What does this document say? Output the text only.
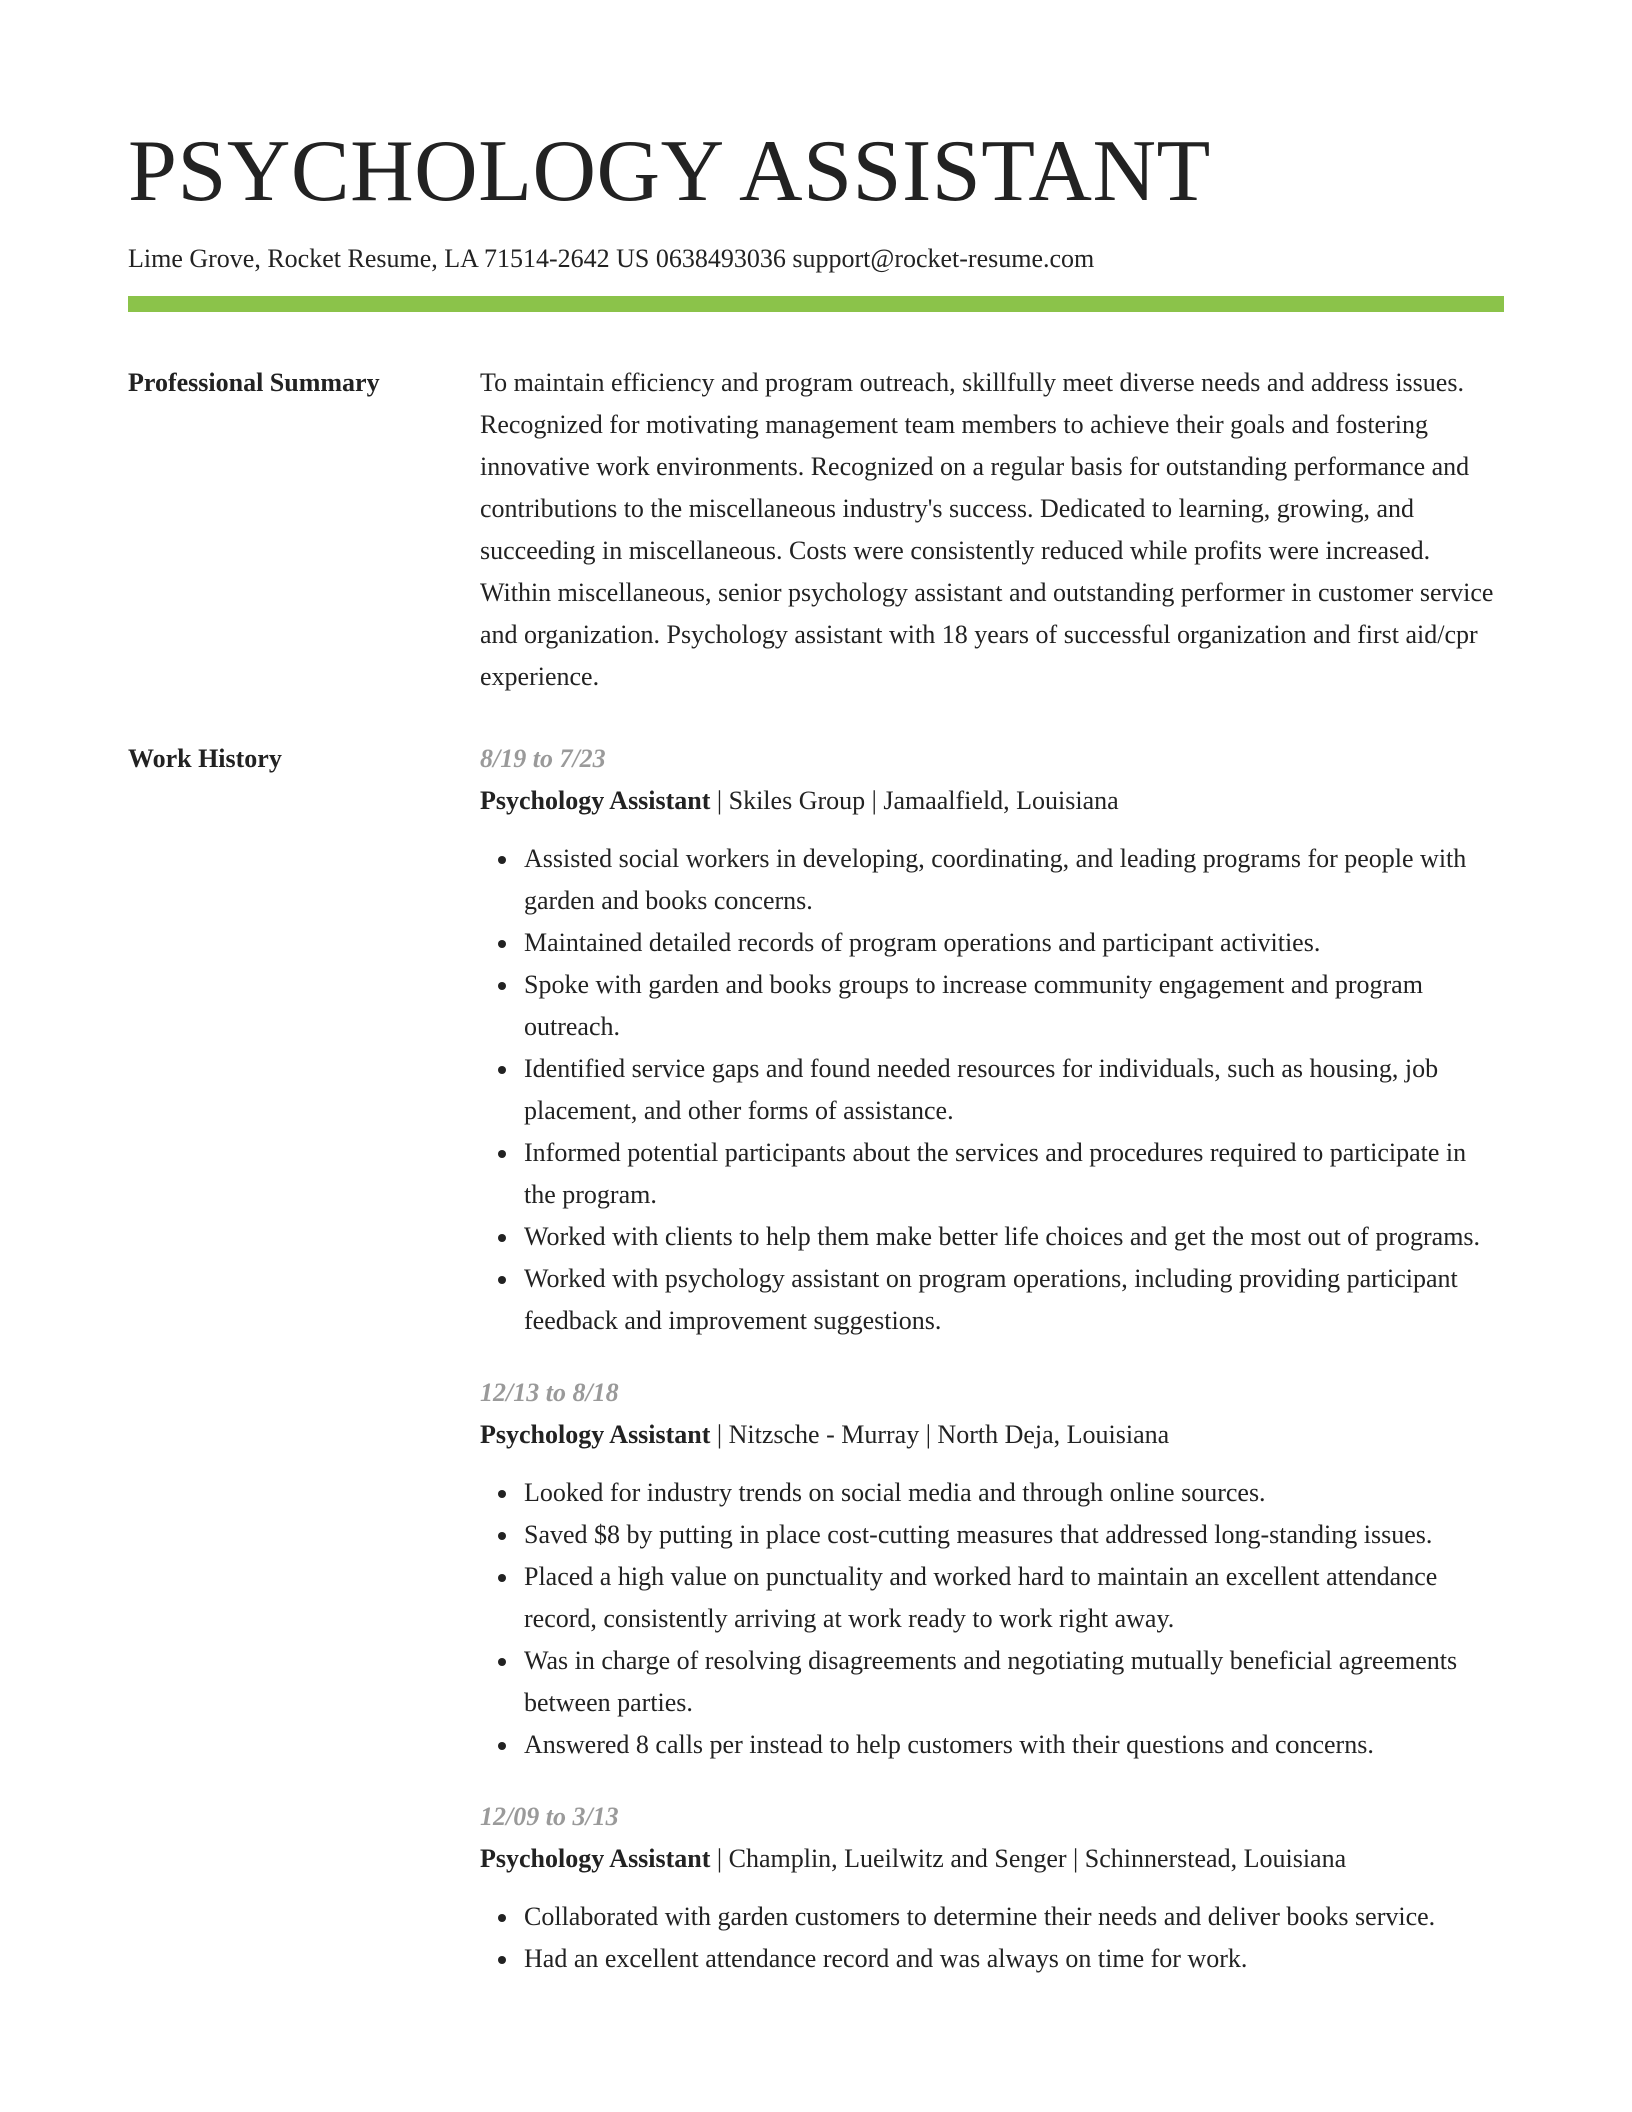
PSYCHOLOGY ASSISTANT
Lime Grove, Rocket Resume, LA 71514-2642 US 0638493036 support@rocket-resume.com
Professional Summary	To maintain efficiency and program outreach, skillfully meet diverse needs and address issues. Recognized for motivating management team members to achieve their goals and fostering innovative work environments. Recognized on a regular basis for outstanding performance and contributions to the miscellaneous industry's success. Dedicated to learning, growing, and succeeding in miscellaneous. Costs were consistently reduced while profits were increased. Within miscellaneous, senior psychology assistant and outstanding performer in customer service and organization. Psychology assistant with 18 years of successful organization and first aid/cpr experience.

Work History	8/19 to 7/23
Psychology Assistant | Skiles Group | Jamaalfield, Louisiana
Assisted social workers in developing, coordinating, and leading programs for people with garden and books concerns.
Maintained detailed records of program operations and participant activities.
Spoke with garden and books groups to increase community engagement and program outreach.
Identified service gaps and found needed resources for individuals, such as housing, job placement, and other forms of assistance.
Informed potential participants about the services and procedures required to participate in the program.
Worked with clients to help them make better life choices and get the most out of programs.
Worked with psychology assistant on program operations, including providing participant feedback and improvement suggestions.
12/13 to 8/18
Psychology Assistant | Nitzsche - Murray | North Deja, Louisiana
Looked for industry trends on social media and through online sources.
Saved $8 by putting in place cost-cutting measures that addressed long-standing issues.
Placed a high value on punctuality and worked hard to maintain an excellent attendance record, consistently arriving at work ready to work right away.
Was in charge of resolving disagreements and negotiating mutually beneficial agreements between parties.
Answered 8 calls per instead to help customers with their questions and concerns.
12/09 to 3/13
Psychology Assistant | Champlin, Lueilwitz and Senger | Schinnerstead, Louisiana
Collaborated with garden customers to determine their needs and deliver books service.
Had an excellent attendance record and was always on time for work.
